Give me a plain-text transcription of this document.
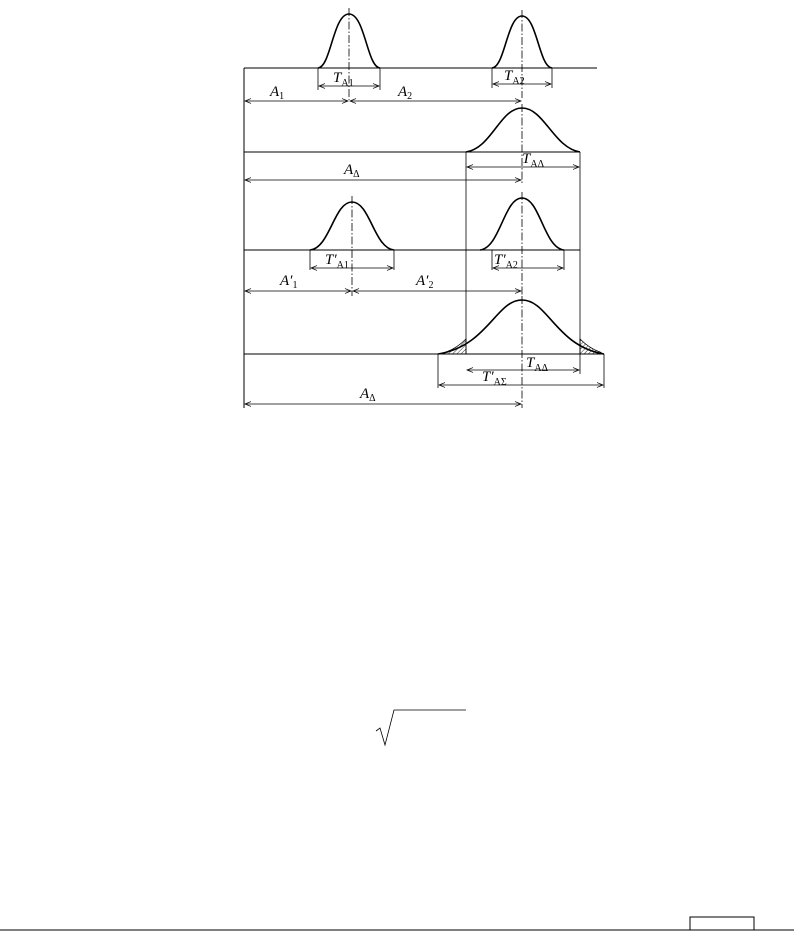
$T_{A1}$	$T_{A2}$
$A_1$	$A_2$
$T_{A\Delta}$
$A_\Delta$
$T'_{A1}$	$T'_{A2}$
$A'_1$	$A'_2$
$T_{A\Delta}$
$T'_{A\Sigma}$
$A_\Delta$
√
